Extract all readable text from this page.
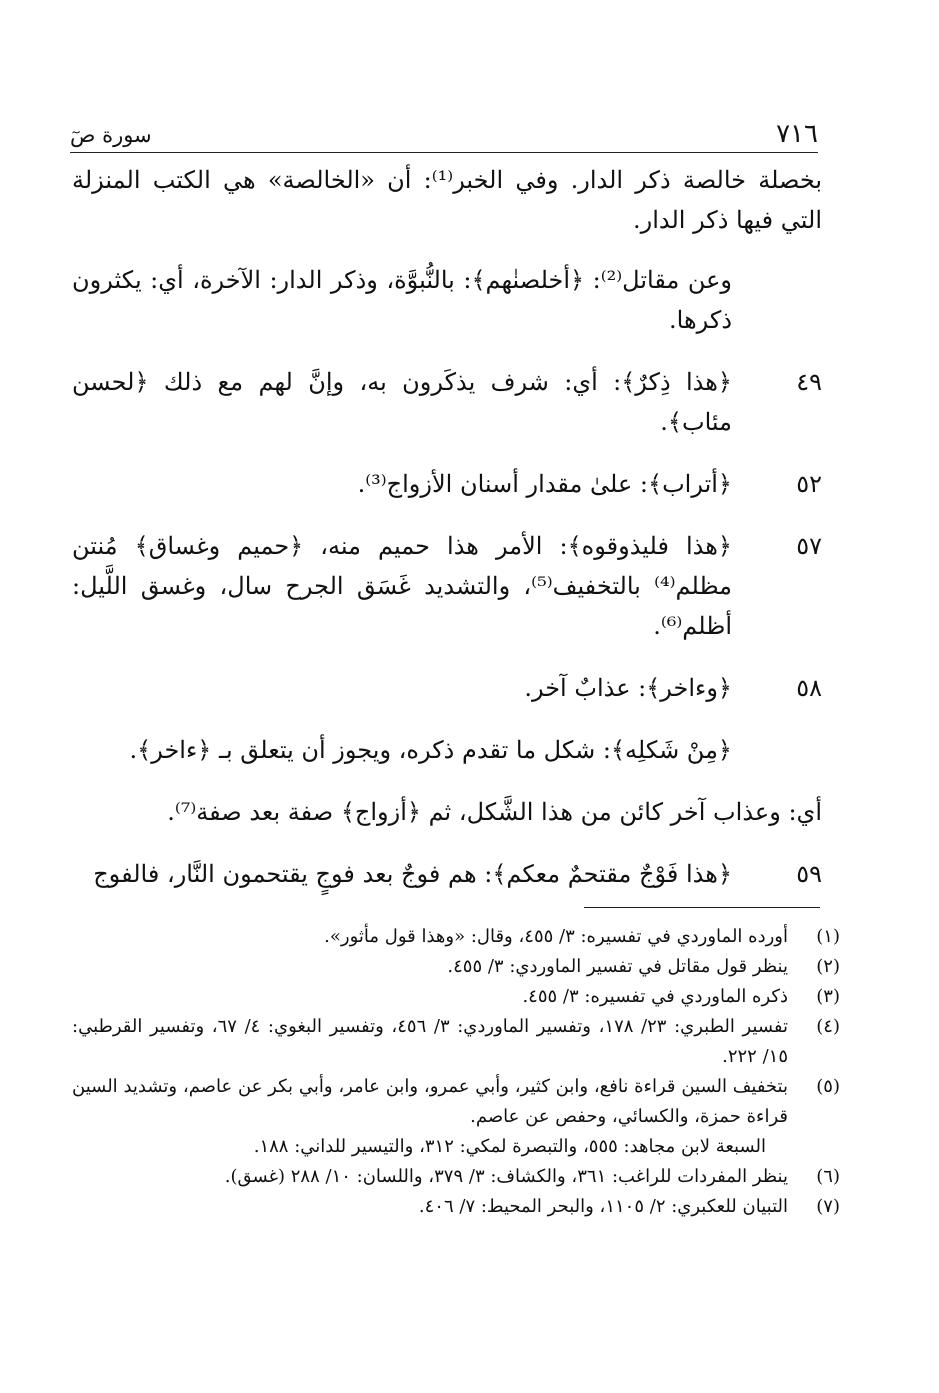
٧١٦
سورة صٓ

بخصلة خالصة ذكر الدار. وفي الخبر⁽¹⁾: أن «الخالصة» هي الكتب المنزلة التي فيها ذكر الدار.

وعن مقاتل⁽²⁾: ﴿أخلصنٰهم﴾: بالنُّبوَّة، وذكر الدار: الآخرة، أي: يكثرون ذكرها.

٤٩

﴿هذا ذِكرٌ﴾: أي: شرف يذكَرون به، وإنَّ لهم مع ذلك ﴿لحسن مئاب﴾.

٥٢

﴿أتراب﴾: علىٰ مقدار أسنان الأزواج⁽³⁾.

٥٧

﴿هذا فليذوقوه﴾: الأمر هذا حميم منه، ﴿حميم وغساق﴾ مُنتن مظلم⁽⁴⁾ بالتخفيف⁽⁵⁾، والتشديد غَسَق الجرح سال، وغسق اللَّيل: أظلم⁽⁶⁾.

٥٨

﴿وءاخر﴾: عذابٌ آخر.

﴿مِنْ شَكلِه﴾: شكل ما تقدم ذكره، ويجوز أن يتعلق بـ ﴿ءاخر﴾.

أي: وعذاب آخر كائن من هذا الشَّكل، ثم ﴿أزواج﴾ صفة بعد صفة⁽⁷⁾.

٥٩

﴿هذا فَوْجٌ مقتحمٌ معكم﴾: هم فوجٌ بعد فوجٍ يقتحمون النَّار، فالفوج

(١)
أورده الماوردي في تفسيره: ٣/ ٤٥٥، وقال: «وهذا قول مأثور».
(٢)
ينظر قول مقاتل في تفسير الماوردي: ٣/ ٤٥٥.
(٣)
ذكره الماوردي في تفسيره: ٣/ ٤٥٥.
(٤)
تفسير الطبري: ٢٣/ ١٧٨، وتفسير الماوردي: ٣/ ٤٥٦، وتفسير البغوي: ٤/ ٦٧، وتفسير القرطبي: ١٥/ ٢٢٢.
(٥)
بتخفيف السين قراءة نافع، وابن كثير، وأبي عمرو، وابن عامر، وأبي بكر عن عاصم، وتشديد السين قراءة حمزة، والكسائي، وحفص عن عاصم.
السبعة لابن مجاهد: ٥٥٥، والتبصرة لمكي: ٣١٢، والتيسير للداني: ١٨٨.
(٦)
ينظر المفردات للراغب: ٣٦١، والكشاف: ٣/ ٣٧٩، واللسان: ١٠/ ٢٨٨ (غسق).
(٧)
التبيان للعكبري: ٢/ ١١٠٥، والبحر المحيط: ٧/ ٤٠٦.
